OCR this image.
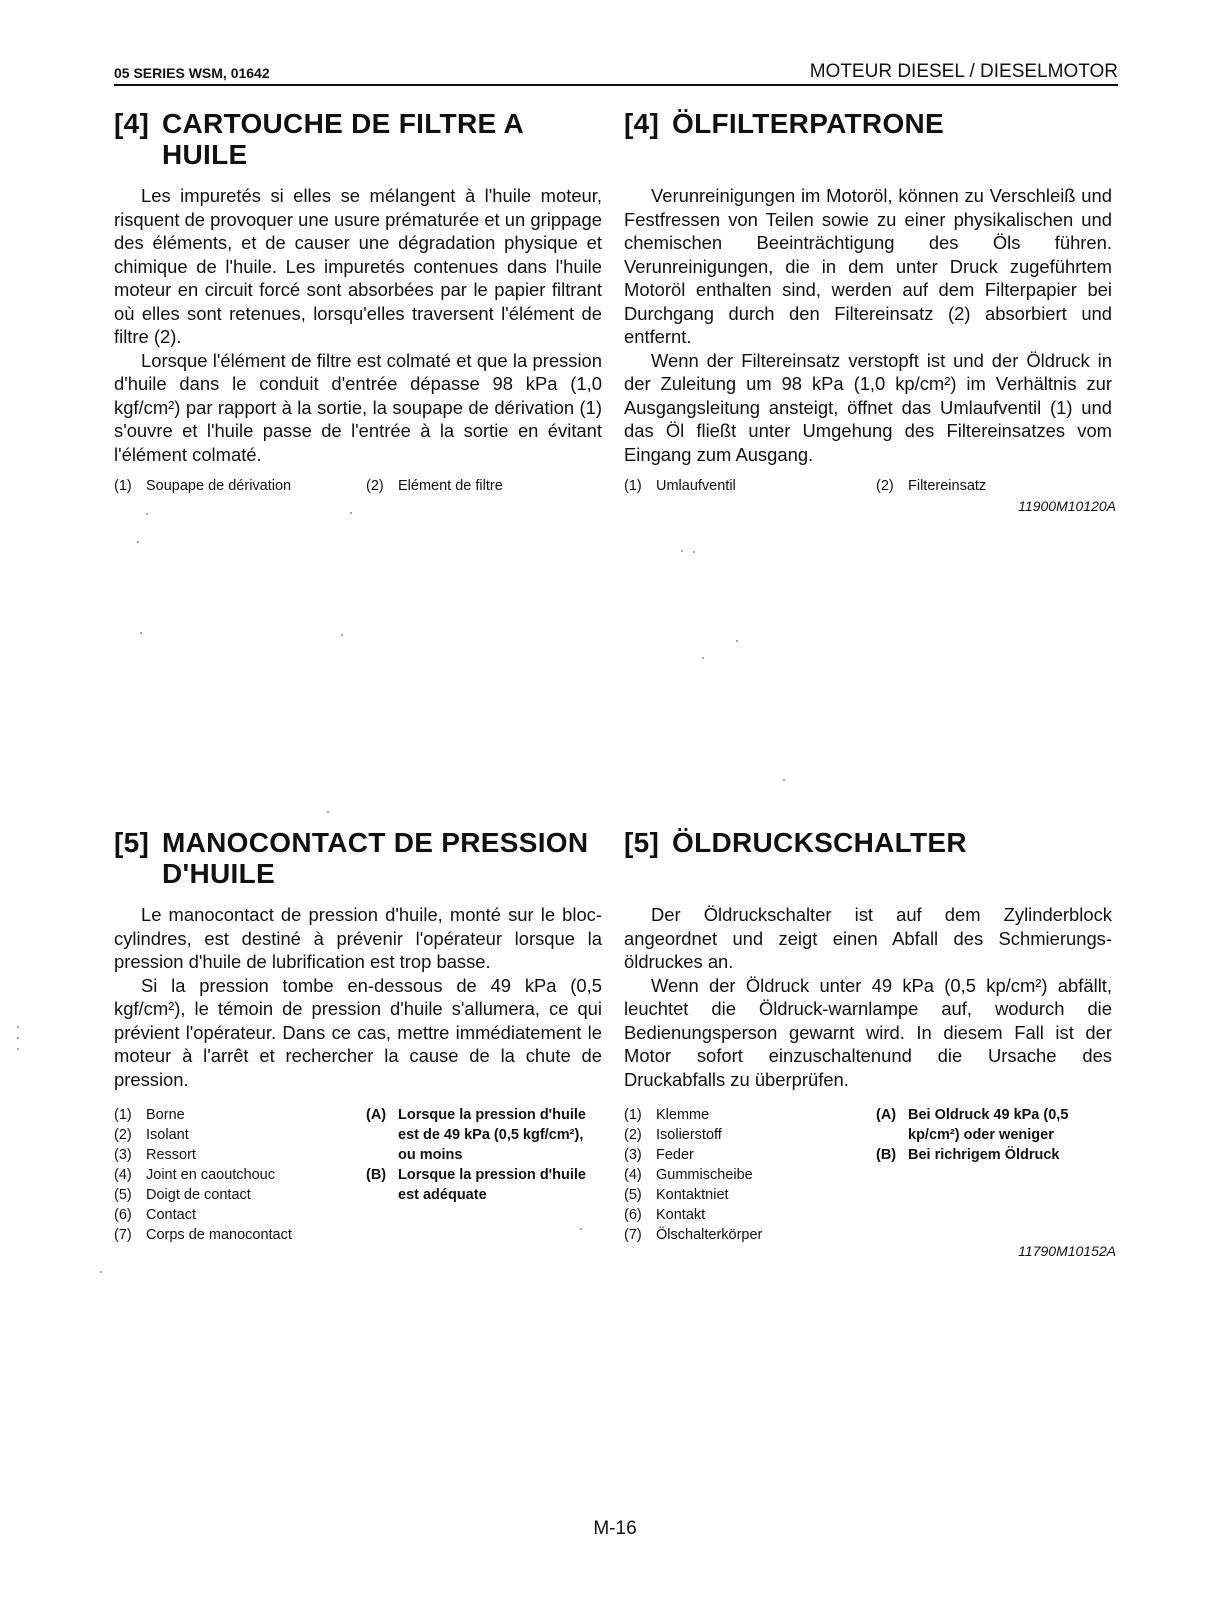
05 SERIES WSM, 01642	MOTEUR DIESEL / DIESELMOTOR
[4] CARTOUCHE DE FILTRE A HUILE

Les impuretés si elles se mélangent à l'huile moteur, risquent de provoquer une usure prématurée et un grippage des éléments, et de causer une dégradation physique et chimique de l'huile. Les impuretés contenues dans l'huile moteur en circuit forcé sont absorbées par le papier filtrant où elles sont retenues, lorsqu'elles traversent l'élément de filtre (2).

Lorsque l'élément de filtre est colmaté et que la pression d'huile dans le conduit d'entrée dépasse 98 kPa (1,0 kgf/cm²) par rapport à la sortie, la soupape de dérivation (1) s'ouvre et l'huile passe de l'entrée à la sortie en évitant l'élément colmaté.

(1) Soupape de dérivation	(2) Elément de filtre
[4] ÖLFILTERPATRONE

Verunreinigungen im Motoröl, können zu Verschleiß und Festfressen von Teilen sowie zu einer physikalischen und chemischen Beeinträchtigung des Öls führen. Verunreinigungen, die in dem unter Druck zugeführtem Motoröl enthalten sind, werden auf dem Filterpapier bei Durchgang durch den Filtereinsatz (2) absorbiert und entfernt.

Wenn der Filtereinsatz verstopft ist und der Öldruck in der Zuleitung um 98 kPa (1,0 kp/cm²) im Verhältnis zur Ausgangsleitung ansteigt, öffnet das Umlaufventil (1) und das Öl fließt unter Umgehung des Filtereinsatzes vom Eingang zum Ausgang.

(1) Umlaufventil	(2) Filtereinsatz
11900M10120A
[5] MANOCONTACT DE PRESSION D'HUILE

Le manocontact de pression d'huile, monté sur le bloc-cylindres, est destiné à prévenir l'opérateur lorsque la pression d'huile de lubrification est trop basse.

Si la pression tombe en-dessous de 49 kPa (0,5 kgf/cm²), le témoin de pression d'huile s'allumera, ce qui prévient l'opérateur. Dans ce cas, mettre immédiatement le moteur à l'arrêt et rechercher la cause de la chute de pression.

(1) Borne
(2) Isolant
(3) Ressort
(4) Joint en caoutchouc
(5) Doigt de contact
(6) Contact
(7) Corps de manocontact
(A) Lorsque la pression d'huile est de 49 kPa (0,5 kgf/cm²), ou moins
(B) Lorsque la pression d'huile est adéquate
[5] ÖLDRUCKSCHALTER

Der Öldruckschalter ist auf dem Zylinderblock angeordnet und zeigt einen Abfall des Schmierungs-öldruckes an.

Wenn der Öldruck unter 49 kPa (0,5 kp/cm²) abfällt, leuchtet die Öldruck-warnlampe auf, wodurch die Bedienungsperson gewarnt wird. In diesem Fall ist der Motor sofort einzuschaltenund die Ursache des Druckabfalls zu überprüfen.

(1) Klemme
(2) Isolierstoff
(3) Feder
(4) Gummischeibe
(5) Kontaktniet
(6) Kontakt
(7) Ölschalterkörper
(A) Bei Oldruck 49 kPa (0,5 kp/cm²) oder weniger
(B) Bei richrigem Öldruck
11790M10152A
M-16
